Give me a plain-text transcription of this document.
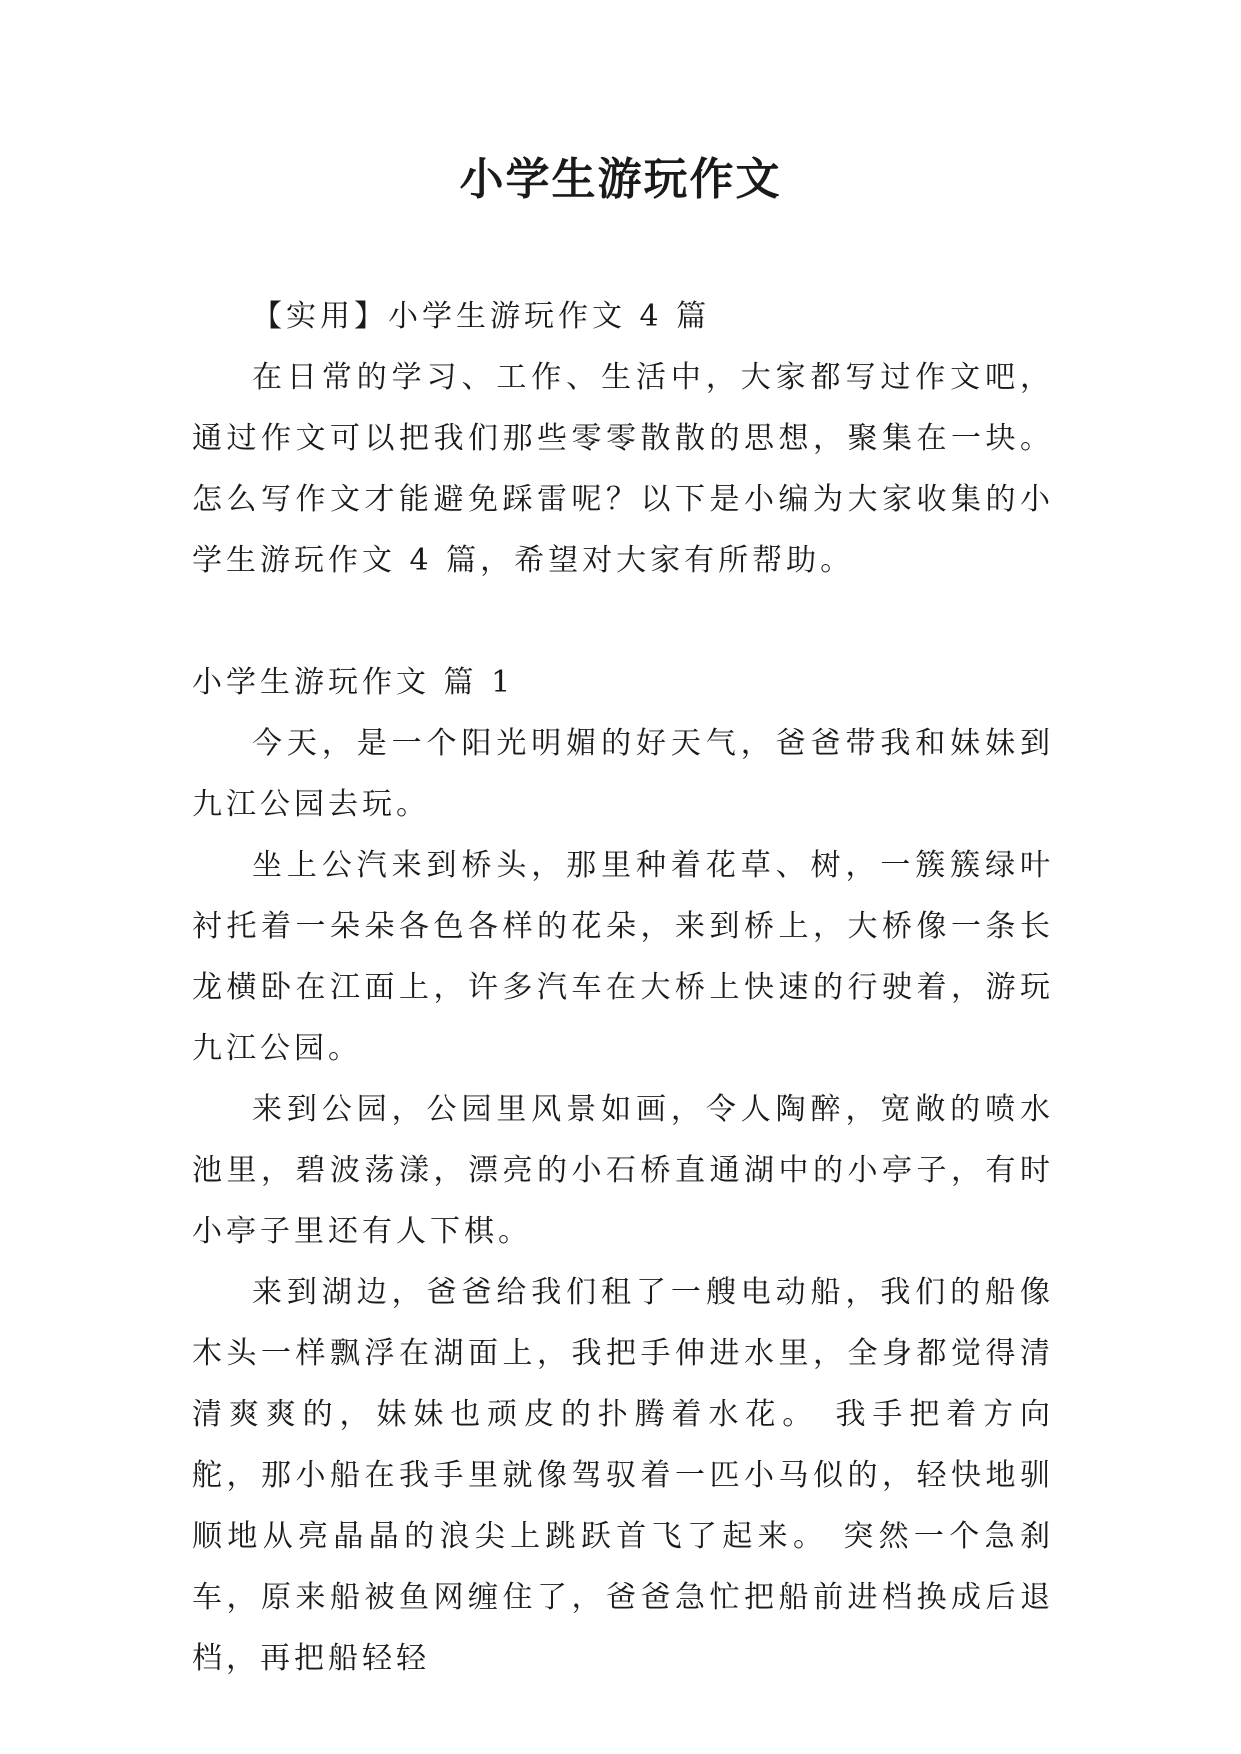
小学生游玩作文

【实用】小学生游玩作文 4 篇

在日常的学习、工作、生活中，大家都写过作文吧，通过作文可以把我们那些零零散散的思想，聚集在一块。怎么写作文才能避免踩雷呢？以下是小编为大家收集的小学生游玩作文 4 篇，希望对大家有所帮助。

小学生游玩作文 篇 1

今天，是一个阳光明媚的好天气，爸爸带我和妹妹到九江公园去玩。

坐上公汽来到桥头，那里种着花草、树，一簇簇绿叶衬托着一朵朵各色各样的花朵，来到桥上，大桥像一条长龙横卧在江面上，许多汽车在大桥上快速的行驶着，游玩九江公园。

来到公园，公园里风景如画，令人陶醉，宽敞的喷水池里，碧波荡漾，漂亮的小石桥直通湖中的小亭子，有时小亭子里还有人下棋。

来到湖边，爸爸给我们租了一艘电动船，我们的船像木头一样飘浮在湖面上，我把手伸进水里，全身都觉得清清爽爽的，妹妹也顽皮的扑腾着水花。 我手把着方向舵，那小船在我手里就像驾驭着一匹小马似的，轻快地驯顺地从亮晶晶的浪尖上跳跃首飞了起来。 突然一个急刹车，原来船被鱼网缠住了，爸爸急忙把船前进档换成后退档，再把船轻轻
